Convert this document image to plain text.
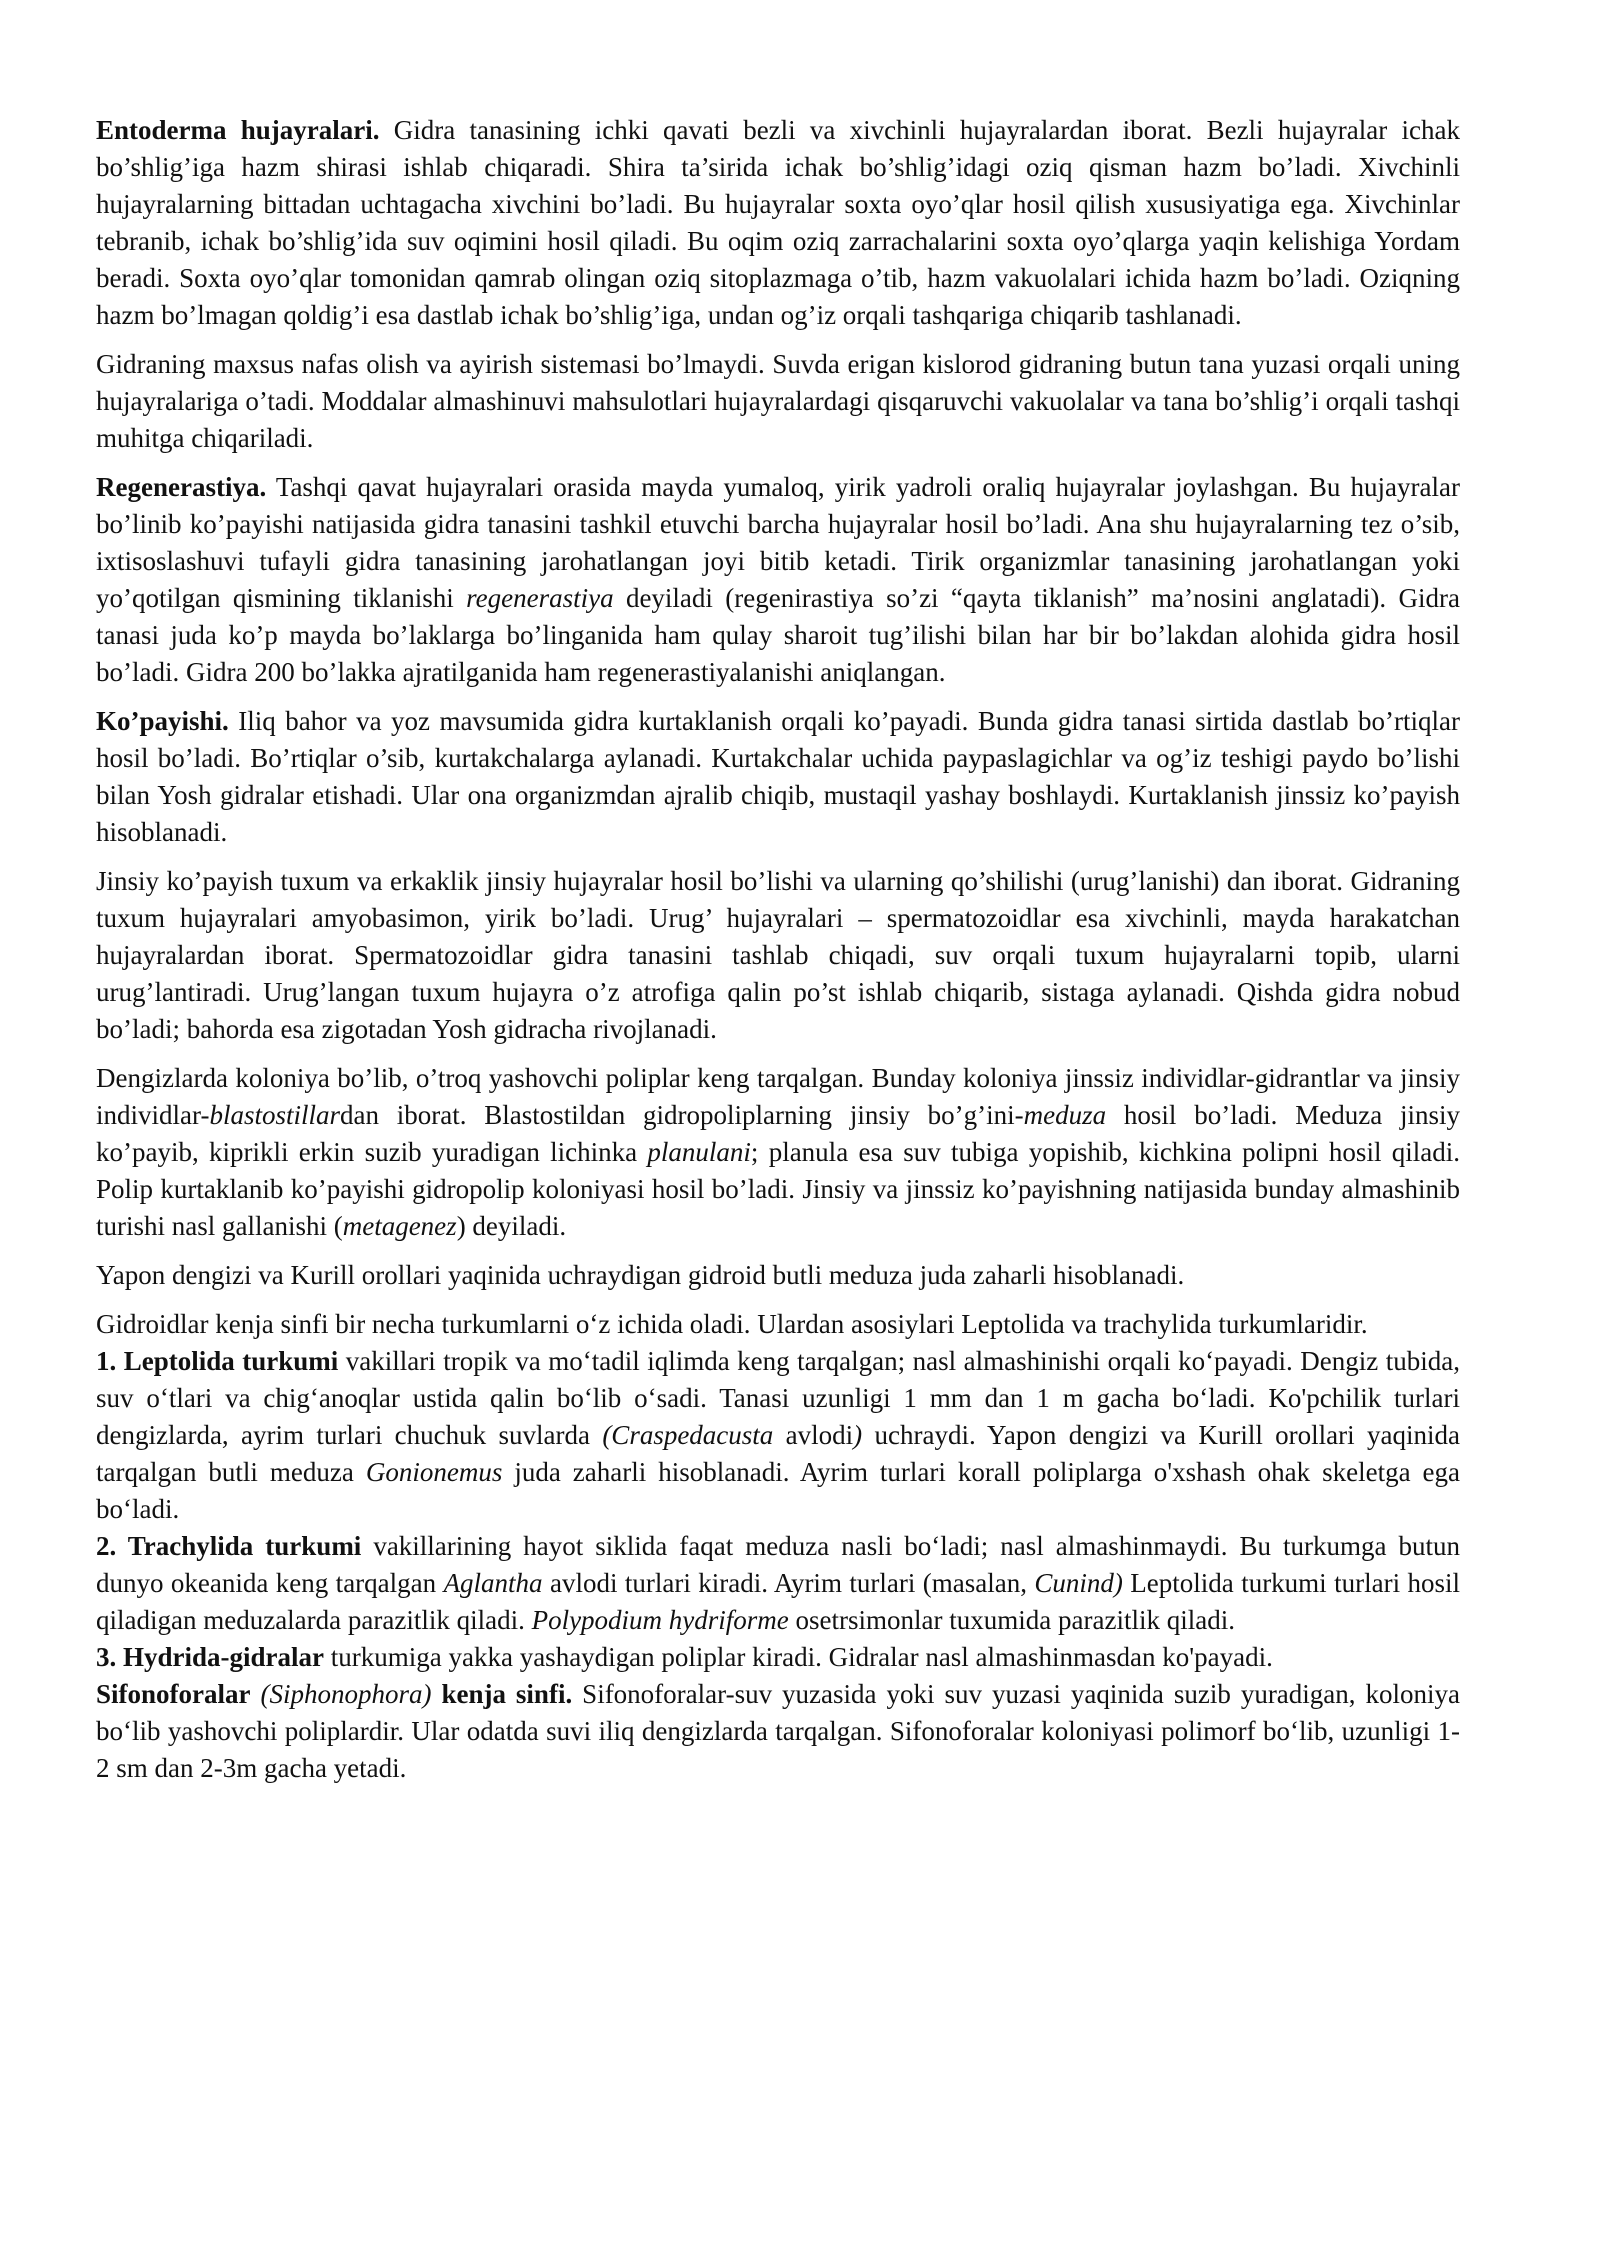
Entoderma hujayralari. Gidra tanasining ichki qavati bezli va xivchinli hujayralardan iborat. Bezli hujayralar ichak bo’shlig’iga hazm shirasi ishlab chiqaradi. Shira ta’sirida ichak bo’shlig’idagi oziq qisman hazm bo’ladi. Xivchinli hujayralarning bittadan uchtagacha xivchini bo’ladi. Bu hujayralar soxta oyo’qlar hosil qilish xususiyatiga ega. Xivchinlar tebranib, ichak bo’shlig’ida suv oqimini hosil qiladi. Bu oqim oziq zarrachalarini soxta oyo’qlarga yaqin kelishiga Yordam beradi. Soxta oyo’qlar tomonidan qamrab olingan oziq sitoplazmaga o’tib, hazm vakuolalari ichida hazm bo’ladi. Oziqning hazm bo’lmagan qoldig’i esa dastlab ichak bo’shlig’iga, undan og’iz orqali tashqariga chiqarib tashlanadi.

Gidraning maxsus nafas olish va ayirish sistemasi bo’lmaydi. Suvda erigan kislorod gidraning butun tana yuzasi orqali uning hujayralariga o’tadi. Moddalar almashinuvi mahsulotlari hujayralardagi qisqaruvchi vakuolalar va tana bo’shlig’i orqali tashqi muhitga chiqariladi.

Regenerastiya. Tashqi qavat hujayralari orasida mayda yumaloq, yirik yadroli oraliq hujayralar joylashgan. Bu hujayralar bo’linib ko’payishi natijasida gidra tanasini tashkil etuvchi barcha hujayralar hosil bo’ladi. Ana shu hujayralarning tez o’sib, ixtisoslashuvi tufayli gidra tanasining jarohatlangan joyi bitib ketadi. Tirik organizmlar tanasining jarohatlangan yoki yo’qotilgan qismining tiklanishi regenerastiya deyiladi (regenirastiya so’zi “qayta tiklanish” ma’nosini anglatadi). Gidra tanasi juda ko’p mayda bo’laklarga bo’linganida ham qulay sharoit tug’ilishi bilan har bir bo’lakdan alohida gidra hosil bo’ladi. Gidra 200 bo’lakka ajratilganida ham regenerastiyalanishi aniqlangan.

Ko’payishi. Iliq bahor va yoz mavsumida gidra kurtaklanish orqali ko’payadi. Bunda gidra tanasi sirtida dastlab bo’rtiqlar hosil bo’ladi. Bo’rtiqlar o’sib, kurtakchalarga aylanadi. Kurtakchalar uchida paypaslagichlar va og’iz teshigi paydo bo’lishi bilan Yosh gidralar etishadi. Ular ona organizmdan ajralib chiqib, mustaqil yashay boshlaydi. Kurtaklanish jinssiz ko’payish hisoblanadi.

Jinsiy ko’payish tuxum va erkaklik jinsiy hujayralar hosil bo’lishi va ularning qo’shilishi (urug’lanishi) dan iborat. Gidraning tuxum hujayralari amyobasimon, yirik bo’ladi. Urug’ hujayralari – spermatozoidlar esa xivchinli, mayda harakatchan hujayralardan iborat. Spermatozoidlar gidra tanasini tashlab chiqadi, suv orqali tuxum hujayralarni topib, ularni urug’lantiradi. Urug’langan tuxum hujayra o’z atrofiga qalin po’st ishlab chiqarib, sistaga aylanadi. Qishda gidra nobud bo’ladi; bahorda esa zigotadan Yosh gidracha rivojlanadi.

Dengizlarda koloniya bo’lib, o’troq yashovchi poliplar keng tarqalgan. Bunday koloniya jinssiz individlar-gidrantlar va jinsiy individlar-blastostillardan iborat. Blastostildan gidropoliplarning jinsiy bo’g’ini-meduza hosil bo’ladi. Meduza jinsiy ko’payib, kiprikli erkin suzib yuradigan lichinka planulani; planula esa suv tubiga yopishib, kichkina polipni hosil qiladi. Polip kurtaklanib ko’payishi gidropolip koloniyasi hosil bo’ladi. Jinsiy va jinssiz ko’payishning natijasida bunday almashinib turishi nasl gallanishi (metagenez) deyiladi.

Yapon dengizi va Kurill orollari yaqinida uchraydigan gidroid butli meduza juda zaharli hisoblanadi.

Gidroidlar kenja sinfi bir necha turkumlarni o‘z ichida oladi. Ulardan asosiylari Leptolida va trachylida turkumlaridir.

1. Leptolida turkumi vakillari tropik va mo‘tadil iqlimda keng tarqalgan; nasl almashinishi orqali ko‘payadi. Dengiz tubida, suv o‘tlari va chig‘anoqlar ustida qalin bo‘lib o‘sadi. Tanasi uzunligi 1 mm dan 1 m gacha bo‘ladi. Ko'pchilik turlari dengizlarda, ayrim turlari chuchuk suvlarda (Craspedacusta avlodi) uchraydi. Yapon dengizi va Kurill orollari yaqinida tarqalgan butli meduza Gonionemus juda zaharli hisoblanadi. Ayrim turlari korall poliplarga o'xshash ohak skeletga ega bo‘ladi.

2. Trachylida turkumi vakillarining hayot siklida faqat meduza nasli bo‘ladi; nasl almashinmaydi. Bu turkumga butun dunyo okeanida keng tarqalgan Aglantha avlodi turlari kiradi. Ayrim turlari (masalan, Cunind) Leptolida turkumi turlari hosil qiladigan meduzalarda parazitlik qiladi. Polypodium hydriforme osetrsimonlar tuxumida parazitlik qiladi.

3. Hydrida-gidralar turkumiga yakka yashaydigan poliplar kiradi. Gidralar nasl almashinmasdan ko'payadi.

Sifonoforalar (Siphonophora) kenja sinfi. Sifonoforalar-suv yuzasida yoki suv yuzasi yaqinida suzib yuradigan, koloniya bo‘lib yashovchi poliplardir. Ular odatda suvi iliq dengizlarda tarqalgan. Sifonoforalar koloniyasi polimorf bo‘lib, uzunligi 1-2 sm dan 2-3m gacha yetadi.
